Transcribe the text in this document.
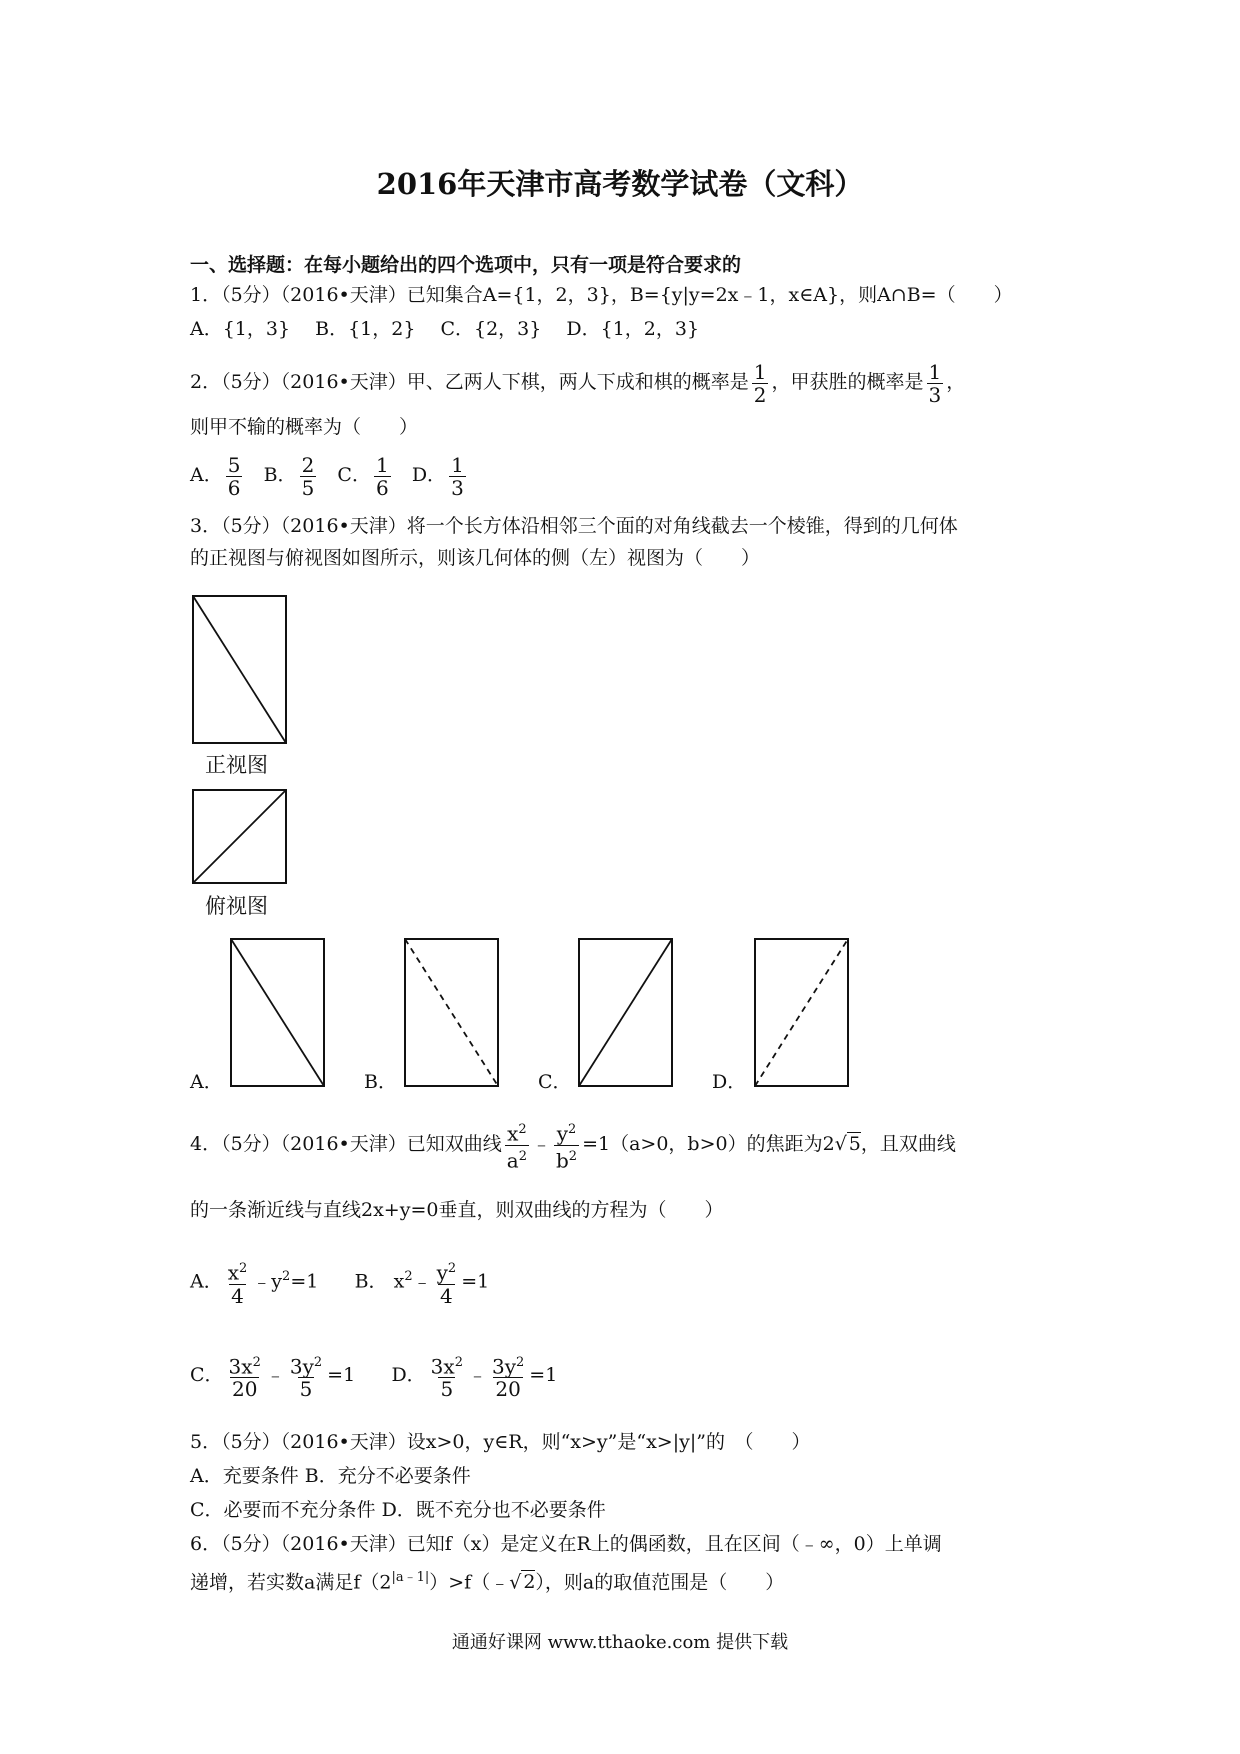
2016年天津市高考数学试卷（文科）
一、选择题：在每小题给出的四个选项中，只有一项是符合要求的
1．（5分）（2016•天津）已知集合A={1，2，3}，B={y|y=2x﹣1，x∈A}，则A∩B=（　　）
A．{1，3}　 B．{1，2}　 C．{2，3}　 D．{1，2，3}
2．（5分）（2016•天津）甲、乙两人下棋，两人下成和棋的概率是 $\frac{1}{2}$ ，甲获胜的概率是 $\frac{1}{3}$ ，
则甲不输的概率为（　　）
A． $\frac{5}{6}$ B． $\frac{2}{5}$ C． $\frac{1}{6}$ D． $\frac{1}{3}$
3．（5分）（2016•天津）将一个长方体沿相邻三个面的对角线截去一个棱锥，得到的几何体
的正视图与俯视图如图所示，则该几何体的侧（左）视图为（　　）
正视图
俯视图
A．	B．	C．	D．
4．（5分）（2016•天津）已知双曲线 $\frac{x^2}{a^2}$ ﹣ $\frac{y^2}{b^2} =1(a>0$，b>0）的焦距为2√ 5，且双曲线
的一条渐近线与直线2x+y=0垂直，则双曲线的方程为（　　）
A． $\frac{x^2}{4}$ $﹣y^2=1$ B． $x^2﹣ \frac{y^2}{4} =1$
C． $\frac{3x^2}{20}$ ﹣ $\frac{3y^2}{5} =1$ D． $\frac{3x^2}{5}$ ﹣ $\frac{3y^2}{20} =1$
5．（5分）（2016•天津）设x>0，y∈R，则“x>y”是“x>|y|”的　（　　）
A．充要条件 B．充分不必要条件
C．必要而不充分条件 D．既不充分也不必要条件
6．（5分）（2016•天津）已知f（x）是定义在R上的偶函数，且在区间（﹣∞，0）上单调
递增，若实数a满足$f(2^{|a﹣1|})>f(﹣√$ 2），则a的取值范围是（　　）
通通好课网 www.tthaoke.com 提供下载
